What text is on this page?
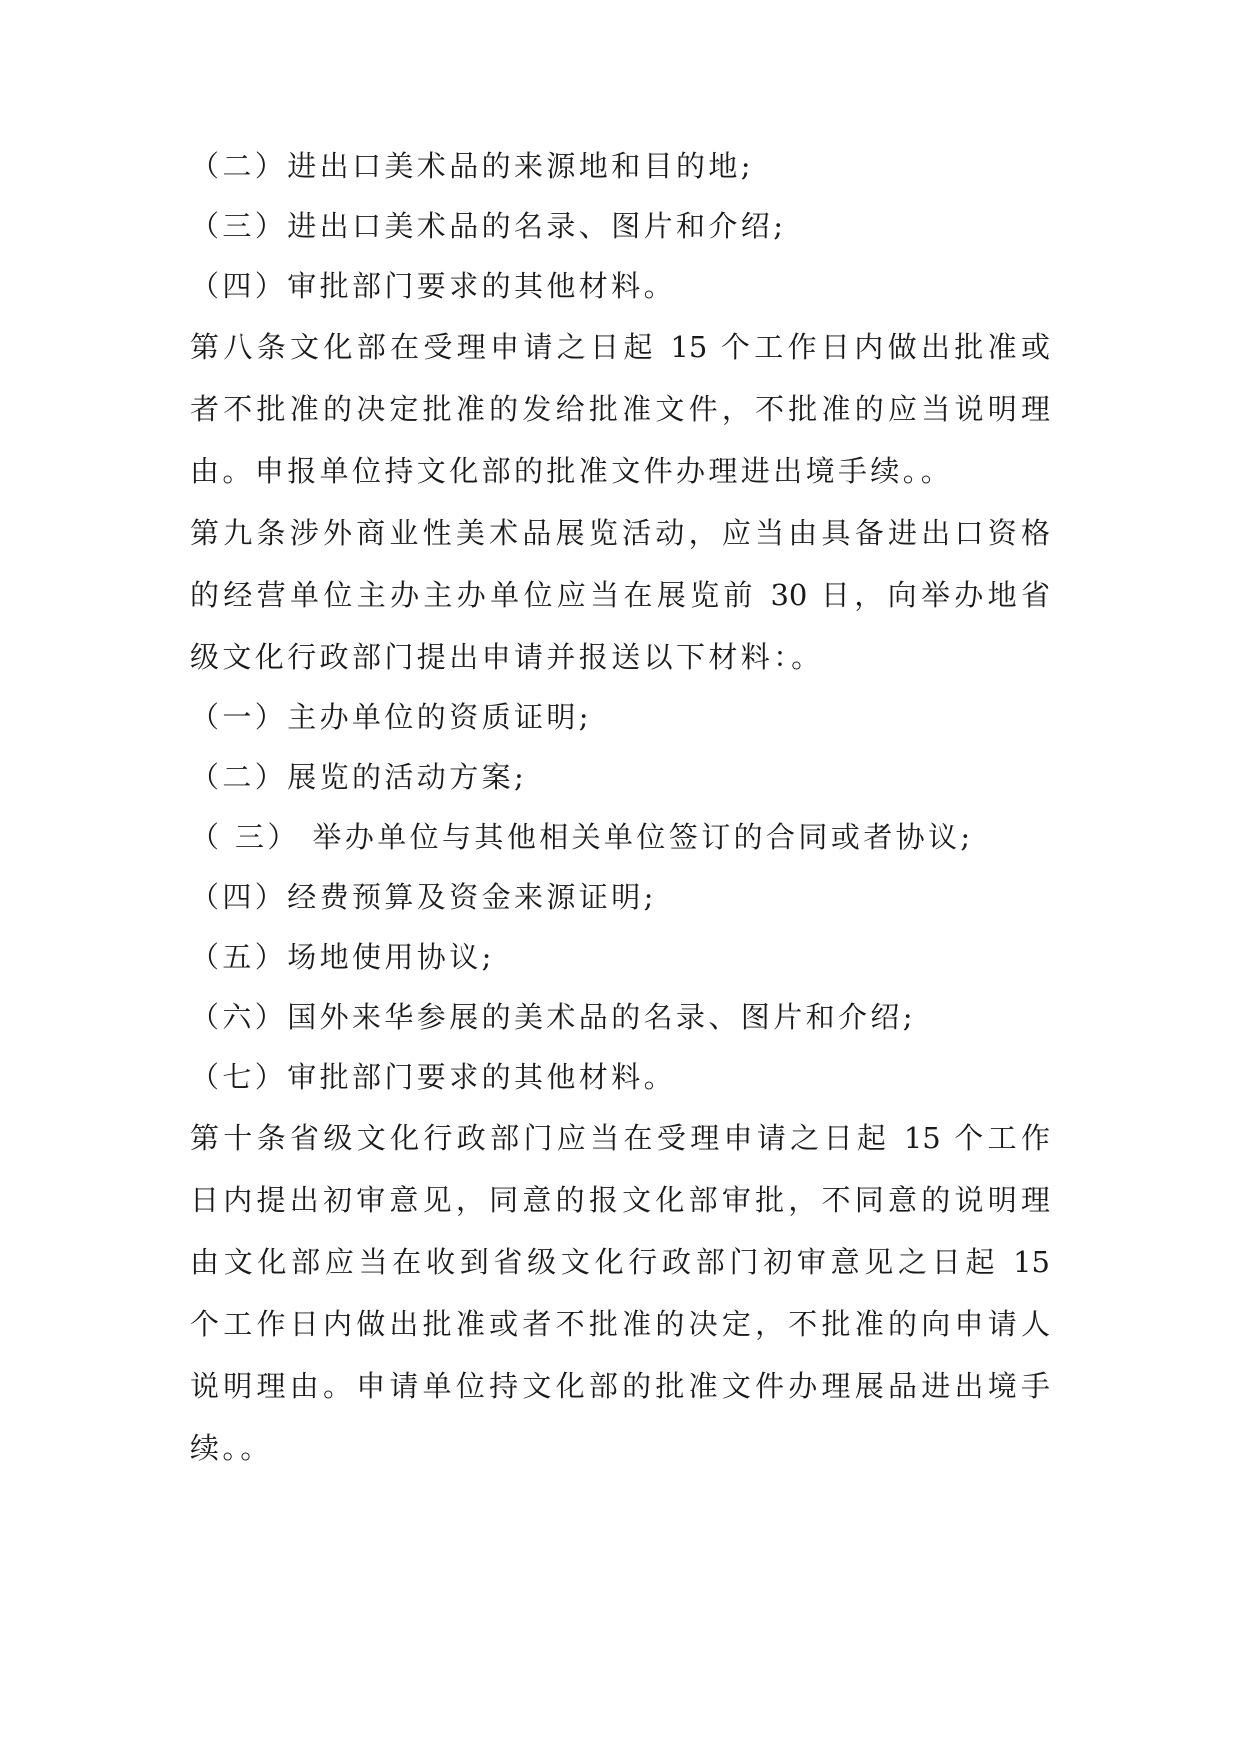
（二）进出口美术品的来源地和目的地;
（三）进出口美术品的名录、图片和介绍;
（四）审批部门要求的其他材料。
第八条文化部在受理申请之日起 15 个工作日内做出批准或
者不批准的决定批准的发给批准文件，不批准的应当说明理
由。申报单位持文化部的批准文件办理进出境手续。。
第九条涉外商业性美术品展览活动，应当由具备进出口资格
的经营单位主办主办单位应当在展览前 30 日，向举办地省
级文化行政部门提出申请并报送以下材料：。
（一）主办单位的资质证明;
（二）展览的活动方案;
（ 三） 举办单位与其他相关单位签订的合同或者协议;
（四）经费预算及资金来源证明;
（五）场地使用协议;
（六）国外来华参展的美术品的名录、图片和介绍;
（七）审批部门要求的其他材料。
第十条省级文化行政部门应当在受理申请之日起 15 个工作
日内提出初审意见，同意的报文化部审批，不同意的说明理
由文化部应当在收到省级文化行政部门初审意见之日起 15
个工作日内做出批准或者不批准的决定，不批准的向申请人
说明理由。申请单位持文化部的批准文件办理展品进出境手
续。。
